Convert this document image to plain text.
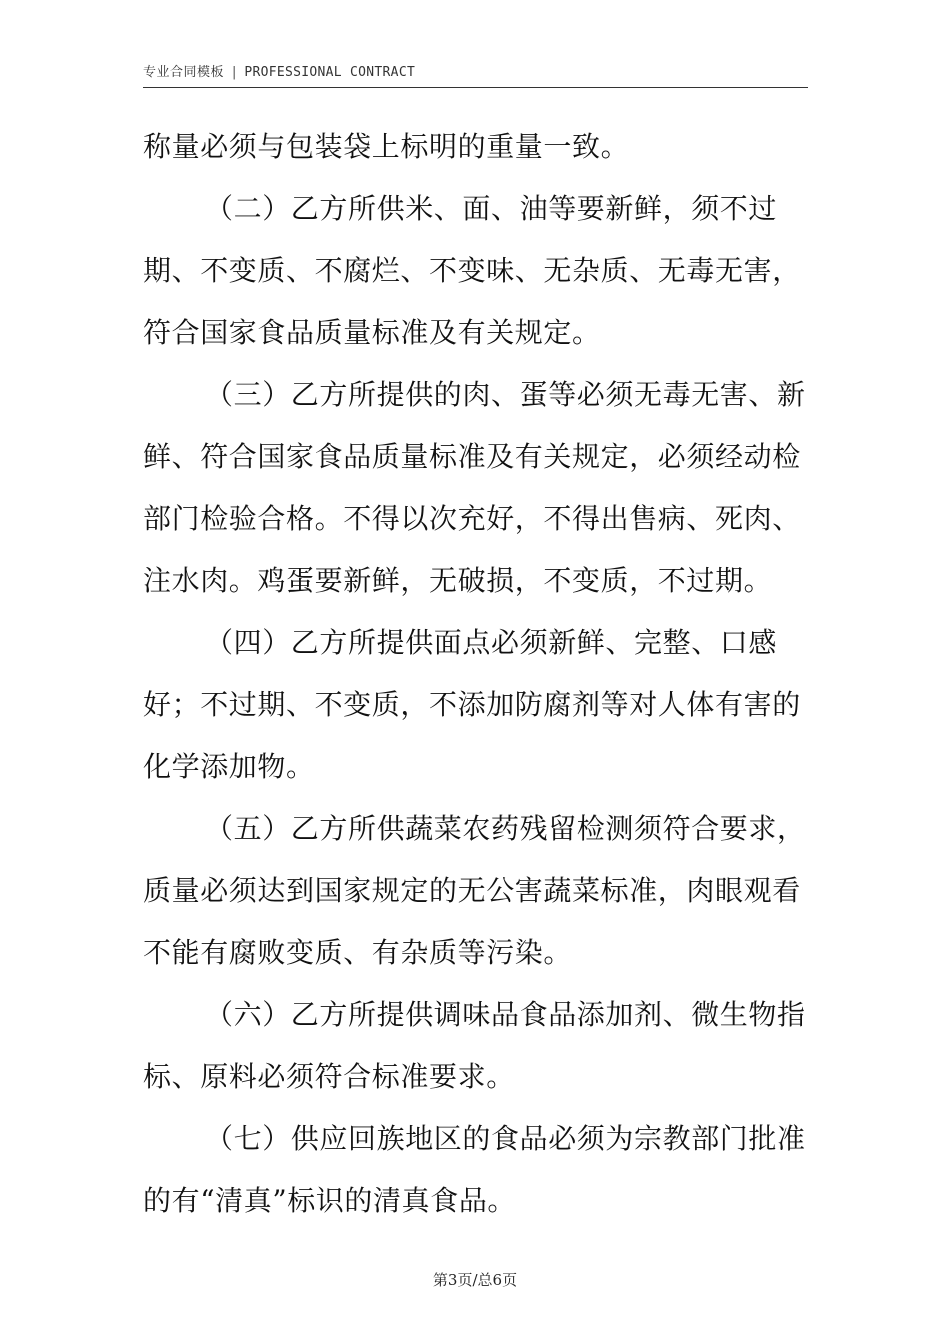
专业合同模板 | PROFESSIONAL CONTRACT

称量必须与包装袋上标明的重量一致。

（二）乙方所供米、面、油等要新鲜，须不过期、不变质、不腐烂、不变味、无杂质、无毒无害，符合国家食品质量标准及有关规定。

（三）乙方所提供的肉、蛋等必须无毒无害、新鲜、符合国家食品质量标准及有关规定，必须经动检部门检验合格。不得以次充好，不得出售病、死肉、注水肉。鸡蛋要新鲜，无破损，不变质，不过期。

（四）乙方所提供面点必须新鲜、完整、口感好；不过期、不变质，不添加防腐剂等对人体有害的化学添加物。

（五）乙方所供蔬菜农药残留检测须符合要求，质量必须达到国家规定的无公害蔬菜标准，肉眼观看不能有腐败变质、有杂质等污染。

（六）乙方所提供调味品食品添加剂、微生物指标、原料必须符合标准要求。

（七）供应回族地区的食品必须为宗教部门批准的有“清真”标识的清真食品。

第3页/总6页
